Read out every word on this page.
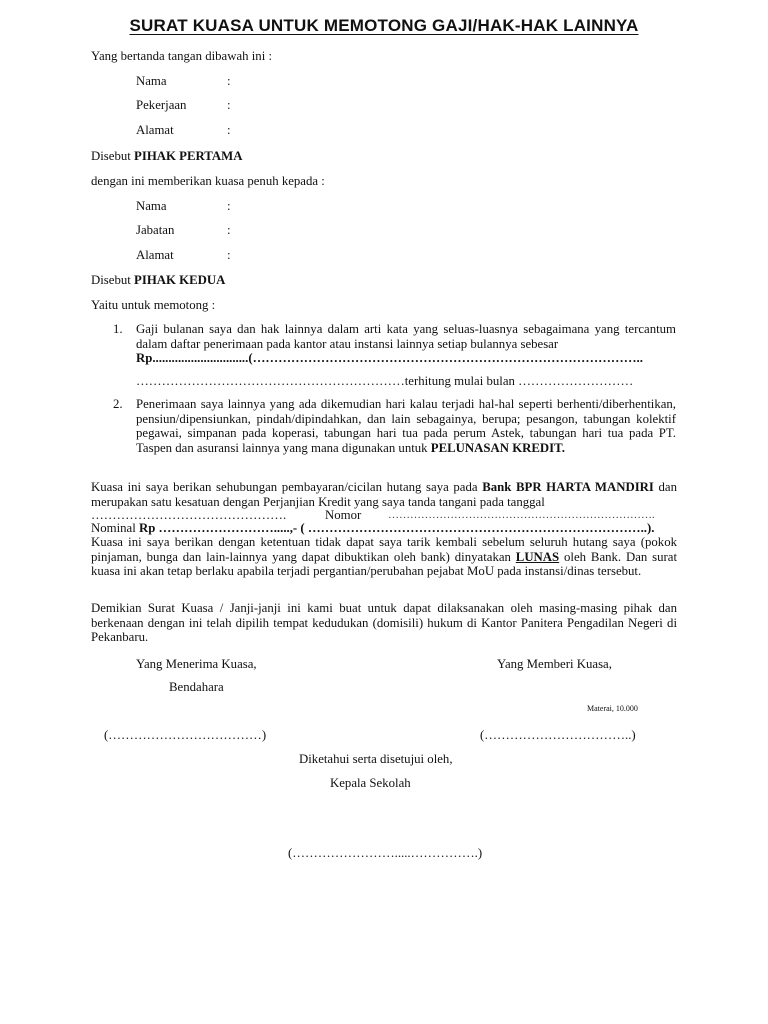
SURAT KUASA UNTUK MEMOTONG GAJI/HAK-HAK LAINNYA
Yang bertanda tangan dibawah ini :
Nama	:
Pekerjaan	:
Alamat	:
Disebut PIHAK PERTAMA
dengan ini memberikan kuasa penuh kepada :
Nama	:
Jabatan	:
Alamat	:
Disebut PIHAK KEDUA
Yaitu untuk memotong :
1. Gaji bulanan saya dan hak lainnya dalam arti kata yang seluas-luasnya sebagaimana yang tercantum dalam daftar penerimaan pada kantor atau instansi lainnya setiap bulannya sebesar
Rp..............................(………………………………………………………………………………..
………………………………………………………terhitung mulai bulan ………………………
2. Penerimaan saya lainnya yang ada dikemudian hari kalau terjadi hal-hal seperti berhenti/diberhentikan, pensiun/dipensiunkan, pindah/dipindahkan, dan lain sebagainya, berupa; pesangon, tabungan kolektif pegawai, simpanan pada koperasi, tabungan hari tua pada perum Astek, tabungan hari tua pada PT. Taspen dan asuransi lainnya yang mana digunakan untuk PELUNASAN KREDIT.
Kuasa ini saya berikan sehubungan pembayaran/cicilan hutang saya pada Bank BPR HARTA MANDIRI dan merupakan satu kesatuan dengan Perjanjian Kredit yang saya tanda tangani pada tanggal
……………………………………….	Nomor ……………………………………………………………….
Nominal Rp ……………………….....,- ( ……………………………………………………………………..).
Kuasa ini saya berikan dengan ketentuan tidak dapat saya tarik kembali sebelum seluruh hutang saya (pokok pinjaman, bunga dan lain-lainnya yang dapat dibuktikan oleh bank) dinyatakan LUNAS oleh Bank. Dan surat kuasa ini akan tetap berlaku apabila terjadi pergantian/perubahan pejabat MoU pada instansi/dinas tersebut.
Demikian Surat Kuasa / Janji-janji ini kami buat untuk dapat dilaksanakan oleh masing-masing pihak dan berkenaan dengan ini telah dipilih tempat kedudukan (domisili) hukum di Kantor Panitera Pengadilan Negeri di Pekanbaru.
Yang Menerima Kuasa,	Yang Memberi Kuasa,
Bendahara
Materai, 10.000
(………………………………)	(……………………………..)
Diketahui serta disetujui oleh,
Kepala Sekolah
(…………………….....…………….)
